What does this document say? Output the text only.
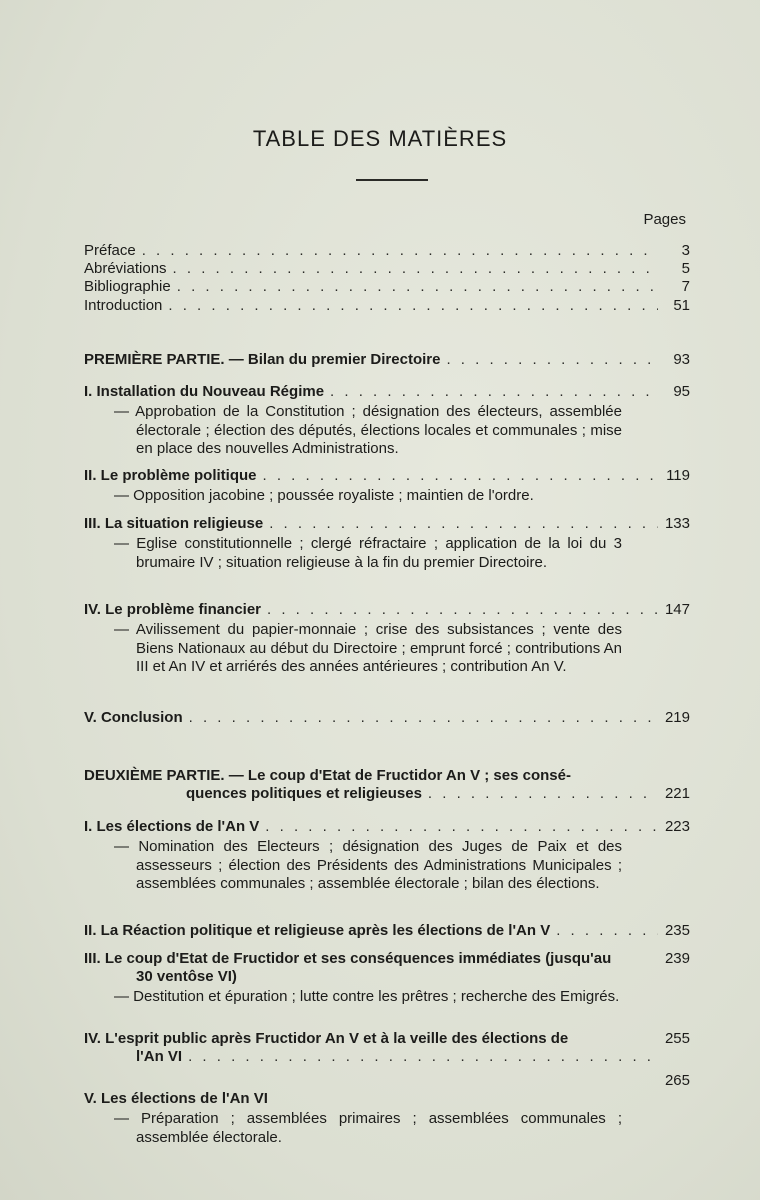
TABLE DES MATIÈRES
Pages
Préface . . .	3
Abréviations . . .	5
Bibliographie . . .	7
Introduction . . .	51
PREMIÈRE PARTIE. — Bilan du premier Directoire . . .	93
I. Installation du Nouveau Régime . . .	95
— Approbation de la Constitution ; désignation des électeurs, assemblée électorale ; élection des députés, élections locales et communales ; mise en place des nouvelles Administrations.
II. Le problème politique . . .	119
— Opposition jacobine ; poussée royaliste ; maintien de l'ordre.
III. La situation religieuse . . .	133
— Eglise constitutionnelle ; clergé réfractaire ; application de la loi du 3 brumaire IV ; situation religieuse à la fin du premier Directoire.
IV. Le problème financier . . .	147
— Avilissement du papier-monnaie ; crise des subsistances ; vente des Biens Nationaux au début du Directoire ; emprunt forcé ; contributions An III et An IV et arriérés des années antérieures ; contribution An V.
V. Conclusion . . .	219
DEUXIÈME PARTIE. — Le coup d'Etat de Fructidor An V ; ses consé-
quences politiques et religieuses . . .	221
I. Les élections de l'An V . . .	223
— Nomination des Electeurs ; désignation des Juges de Paix et des assesseurs ; élection des Présidents des Administrations Municipales ; assemblées communales ; assemblée électorale ; bilan des élections.
II. La Réaction politique et religieuse après les élections de l'An V . . .	235
III. Le coup d'Etat de Fructidor et ses conséquences immédiates (jusqu'au	239
30 ventôse VI)
— Destitution et épuration ; lutte contre les prêtres ; recherche des Emigrés.
IV. L'esprit public après Fructidor An V et à la veille des élections de	255
l'An VI
. . .
V. Les élections de l'An VI
265
— Préparation ; assemblées primaires ; assemblées communales ; assemblée électorale.
